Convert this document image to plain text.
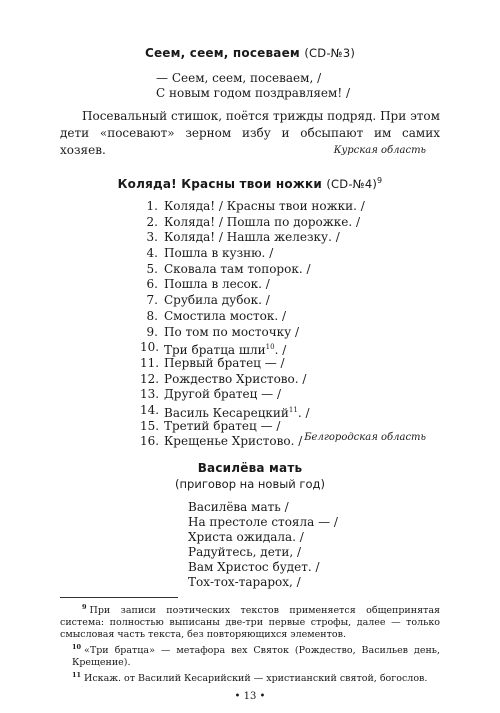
Сеем, сеем, посеваем (CD-№3)
— Сеем, сеем, посеваем, /
С новым годом поздравляем! /
Посевальный стишок, поётся трижды подряд. При этом дети «посевают» зерном избу и обсыпают им самих хозяев.	Курская область
Коляда! Красны твои ножки (CD-№4)$^9$
1. Коляда! / Красны твои ножки. /
2. Коляда! / Пошла по дорожке. /
3. Коляда! / Нашла железку. /
4. Пошла в кузню. /
5. Сковала там топорок. /
6. Пошла в лесок. /
7. Срубила дубок. /
8. Смостила мосток. /
9. По том по мосточку /
10. Три братца шли$^{10}$. /
11. Первый братец — /
12. Рождество Христово. /
13. Другой братец — /
14. Василь Кесарецкий$^{11}$. /
15. Третий братец — /
16. Крещенье Христово. / Белгородская область
Василёва мать
(приговор на новый год)
Василёва мать /
На престоле стояла — /
Христа ожидала. /
Радуйтесь, дети, /
Вам Христос будет. /
Тох-тох-тарарох, /
$^9$ При записи поэтических текстов применяется общепринятая система: полностью выписаны две-три первые строфы, далее — только смысловая часть текста, без повторяющихся элементов.
$^{10}$ «Три братца» — метафора вех Святок (Рождество, Васильев день, Крещение).
$^{11}$ Искаж. от Василий Кесарийский — христианский святой, богослов.
• 13 •
